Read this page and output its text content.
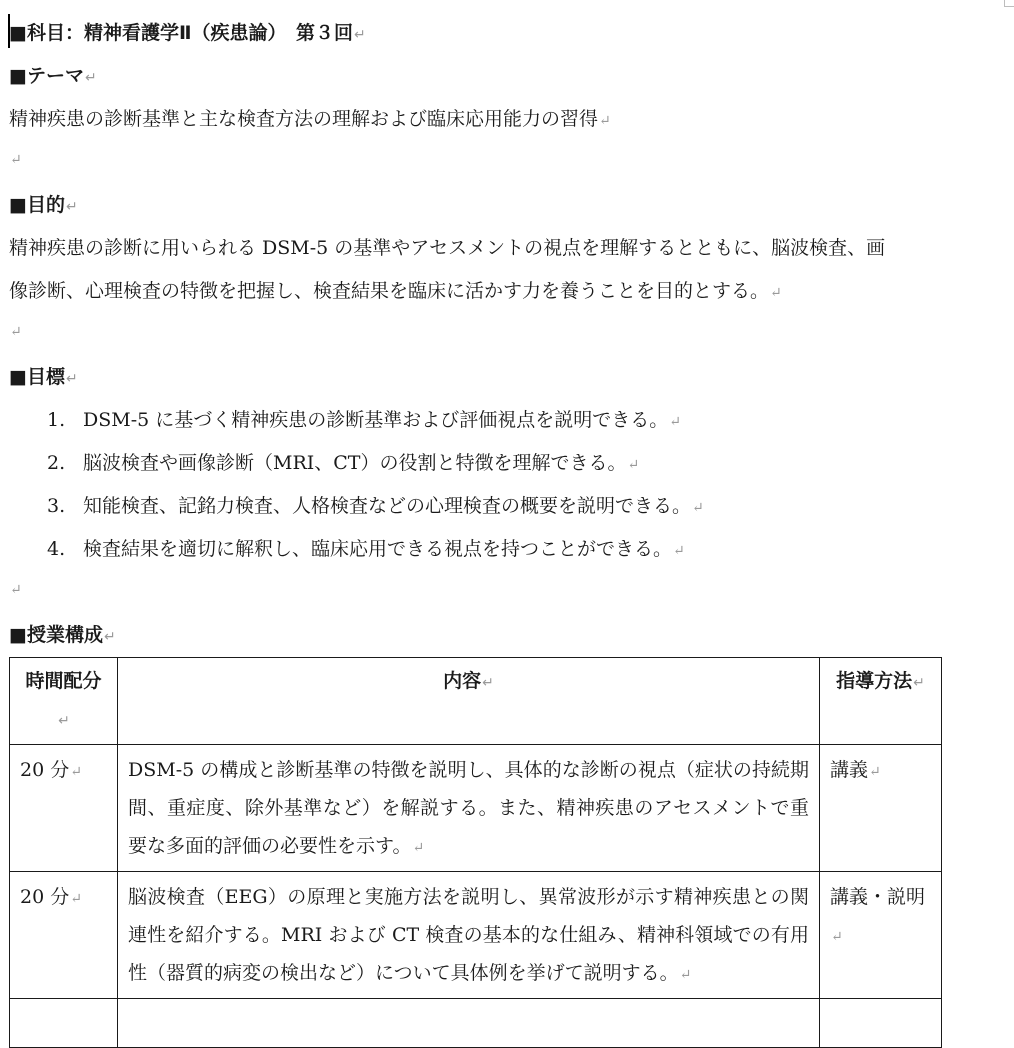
■科目：精神看護学Ⅱ（疾患論）　第３回↵
■テーマ↵
精神疾患の診断基準と主な検査方法の理解および臨床応用能力の習得↵
↵
■目的↵
精神疾患の診断に用いられる DSM-5 の基準やアセスメントの視点を理解するとともに、脳波検査、画
像診断、心理検査の特徴を把握し、検査結果を臨床に活かす力を養うことを目的とする。↵
↵
■目標↵
1. DSM-5 に基づく精神疾患の診断基準および評価視点を説明できる。↵
2. 脳波検査や画像診断（MRI、CT）の役割と特徴を理解できる。↵
3. 知能検査、記銘力検査、人格検査などの心理検査の概要を説明できる。↵
4. 検査結果を適切に解釈し、臨床応用できる視点を持つことができる。↵
↵
■授業構成↵
時間配分↵	内容↵	指導方法↵
20 分↵	DSM-5 の構成と診断基準の特徴を説明し、具体的な診断の視点（症状の持続期間、重症度、除外基準など）を解説する。また、精神疾患のアセスメントで重要な多面的評価の必要性を示す。↵	講義↵
20 分↵	脳波検査（EEG）の原理と実施方法を説明し、異常波形が示す精神疾患との関連性を紹介する。MRI および CT 検査の基本的な仕組み、精神科領域での有用性（器質的病変の検出など）について具体例を挙げて説明する。↵	講義・説明↵
